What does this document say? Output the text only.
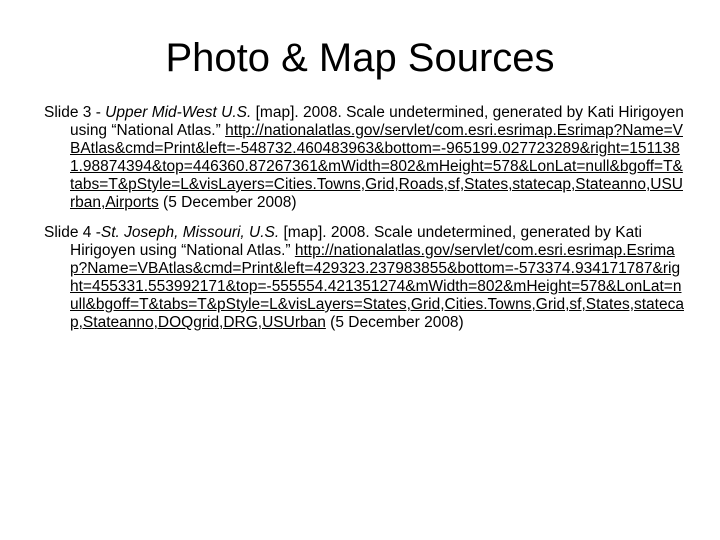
Photo & Map Sources
Slide 3 - Upper Mid-West U.S. [map]. 2008. Scale undetermined, generated by Kati Hirigoyen using “National Atlas.” http://nationalatlas.gov/servlet/com.esri.esrimap.Esrimap?Name=VBAtlas&cmd=Print&left=-548732.460483963&bottom=-965199.027723289&right=1511381.98874394&top=446360.87267361&mWidth=802&mHeight=578&LonLat=null&bgoff=T&tabs=T&pStyle=L&visLayers=Cities.Towns,Grid,Roads,sf,States,statecap,Stateanno,USUrban,Airports (5 December 2008)
Slide 4 -St. Joseph, Missouri, U.S. [map]. 2008. Scale undetermined, generated by Kati Hirigoyen using “National Atlas.” http://nationalatlas.gov/servlet/com.esri.esrimap.Esrimap?Name=VBAtlas&cmd=Print&left=429323.237983855&bottom=-573374.934171787&right=455331.553992171&top=-555554.421351274&mWidth=802&mHeight=578&LonLat=null&bgoff=T&tabs=T&pStyle=L&visLayers=States,Grid,Cities.Towns,Grid,sf,States,statecap,Stateanno,DOQgrid,DRG,USUrban (5 December 2008)
